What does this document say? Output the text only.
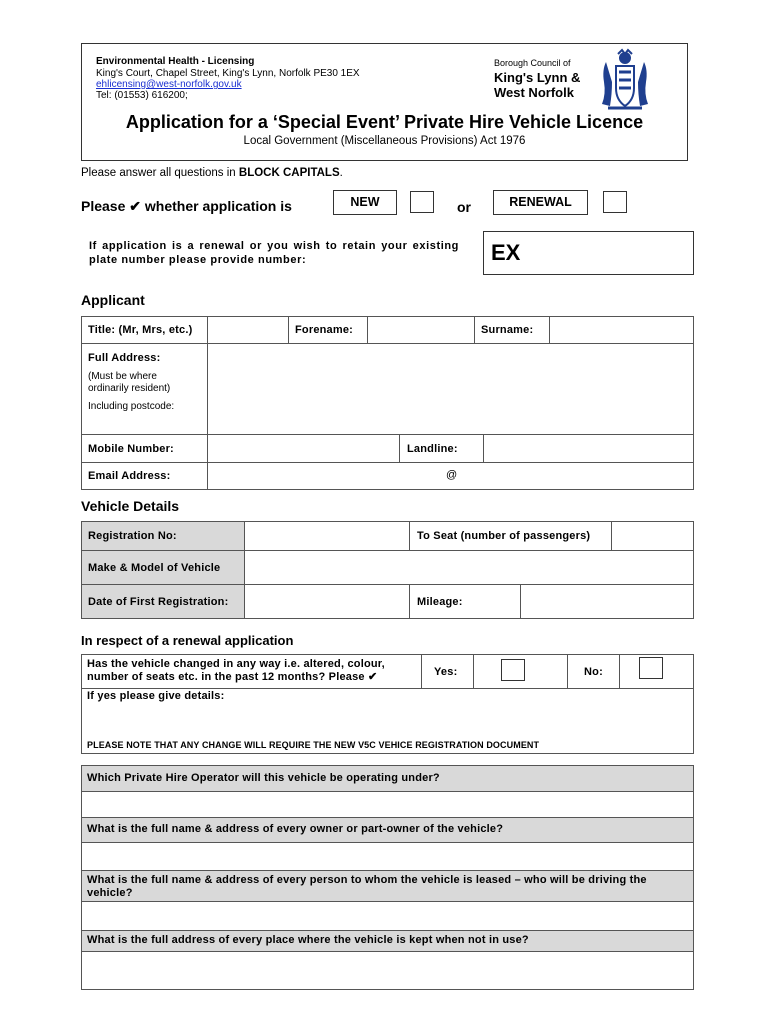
Environmental Health - Licensing
King's Court, Chapel Street, King's Lynn, Norfolk PE30 1EX
ehlicensing@west-norfolk.gov.uk
Tel: (01553) 616200;
Borough Council of
King's Lynn &
West Norfolk
Application for a ‘Special Event’ Private Hire Vehicle Licence
Local Government (Miscellaneous Provisions) Act 1976
Please answer all questions in BLOCK CAPITALS.
Please ✔ whether application is	NEW	or	RENEWAL
If application is a renewal or you wish to retain your existing plate number please provide number:	EX
Applicant
Title: (Mr, Mrs, etc.)	Forename:	Surname:
Full Address:
(Must be where ordinarily resident)
Including postcode:
Mobile Number:	Landline:
Email Address:	@
Vehicle Details
Registration No:	To Seat (number of passengers)
Make & Model of Vehicle
Date of First Registration:	Mileage:
In respect of a renewal application
Has the vehicle changed in any way i.e. altered, colour, number of seats etc. in the past 12 months? Please ✔	Yes:	No:
If yes please give details:
PLEASE NOTE THAT ANY CHANGE WILL REQUIRE THE NEW V5C VEHICE REGISTRATION DOCUMENT
Which Private Hire Operator will this vehicle be operating under?
What is the full name & address of every owner or part-owner of the vehicle?
What is the full name & address of every person to whom the vehicle is leased – who will be driving the vehicle?
What is the full address of every place where the vehicle is kept when not in use?
